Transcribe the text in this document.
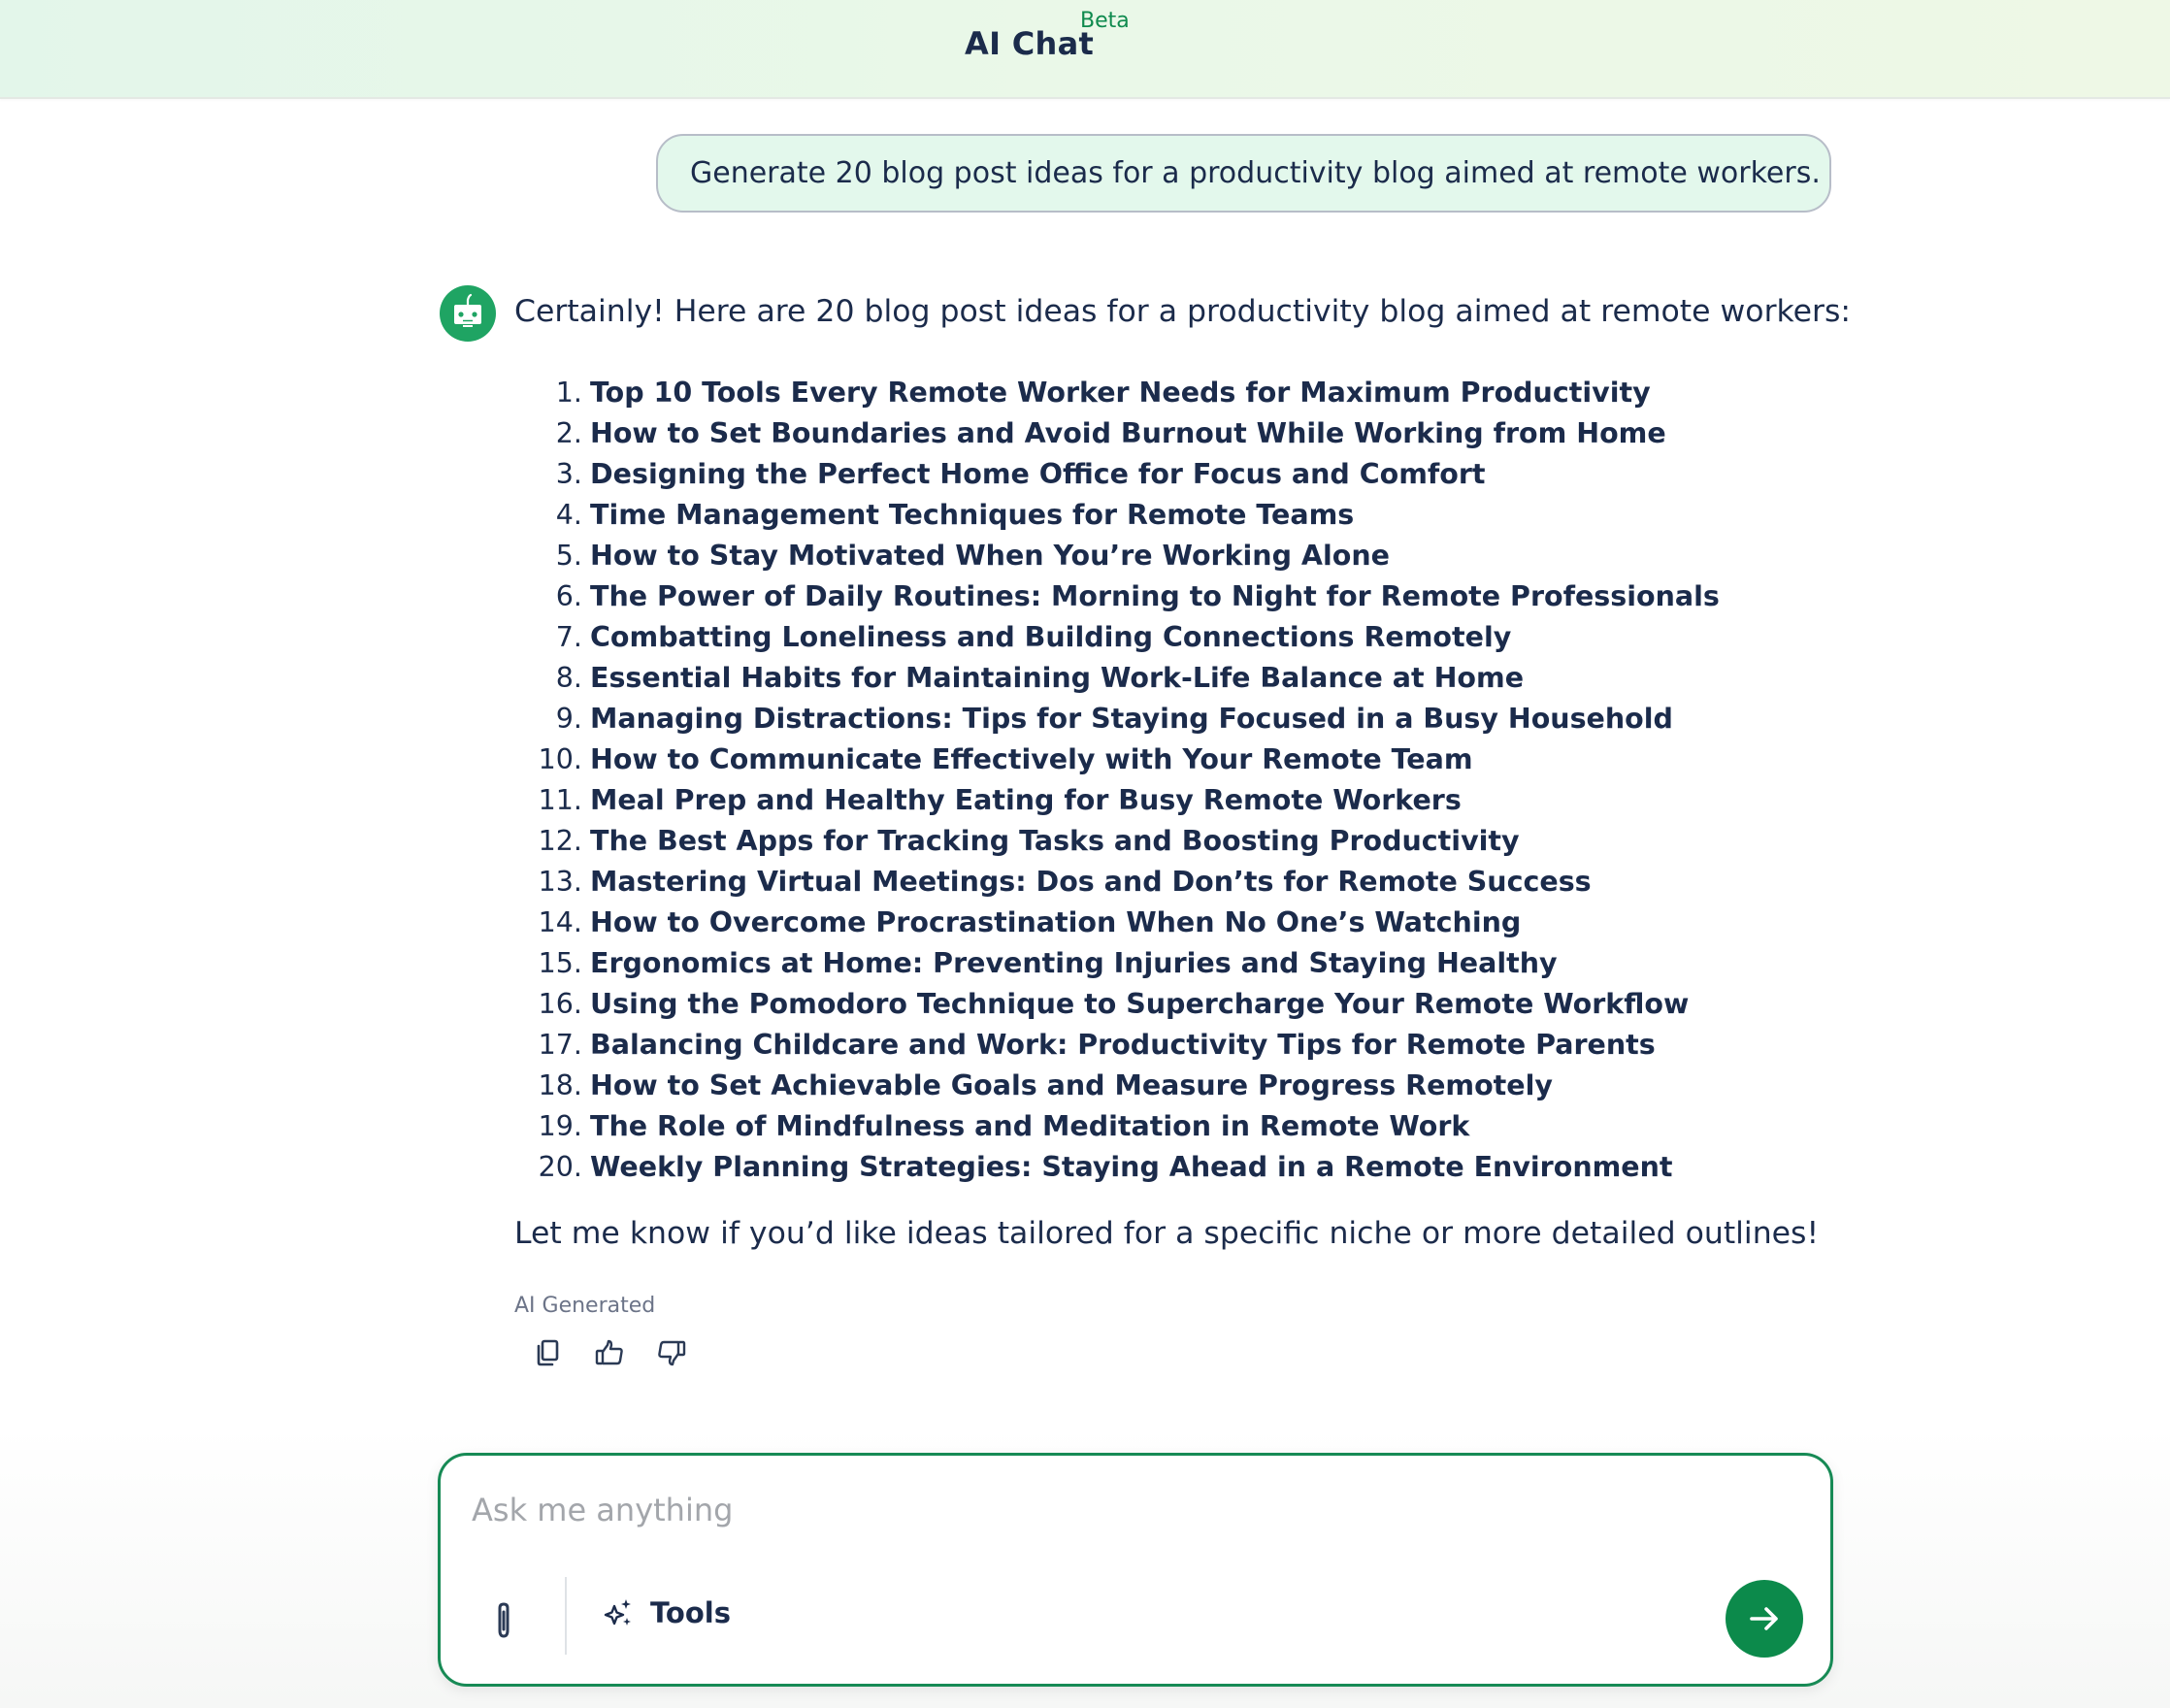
AI Chat
Beta
Generate 20 blog post ideas for a productivity blog aimed at remote workers.
Certainly! Here are 20 blog post ideas for a productivity blog aimed at remote workers:
1. Top 10 Tools Every Remote Worker Needs for Maximum Productivity
2. How to Set Boundaries and Avoid Burnout While Working from Home
3. Designing the Perfect Home Office for Focus and Comfort
4. Time Management Techniques for Remote Teams
5. How to Stay Motivated When You’re Working Alone
6. The Power of Daily Routines: Morning to Night for Remote Professionals
7. Combatting Loneliness and Building Connections Remotely
8. Essential Habits for Maintaining Work-Life Balance at Home
9. Managing Distractions: Tips for Staying Focused in a Busy Household
10. How to Communicate Effectively with Your Remote Team
11. Meal Prep and Healthy Eating for Busy Remote Workers
12. The Best Apps for Tracking Tasks and Boosting Productivity
13. Mastering Virtual Meetings: Dos and Don’ts for Remote Success
14. How to Overcome Procrastination When No One’s Watching
15. Ergonomics at Home: Preventing Injuries and Staying Healthy
16. Using the Pomodoro Technique to Supercharge Your Remote Workflow
17. Balancing Childcare and Work: Productivity Tips for Remote Parents
18. How to Set Achievable Goals and Measure Progress Remotely
19. The Role of Mindfulness and Meditation in Remote Work
20. Weekly Planning Strategies: Staying Ahead in a Remote Environment
Let me know if you’d like ideas tailored for a specific niche or more detailed outlines!
AI Generated
Ask me anything
Tools
